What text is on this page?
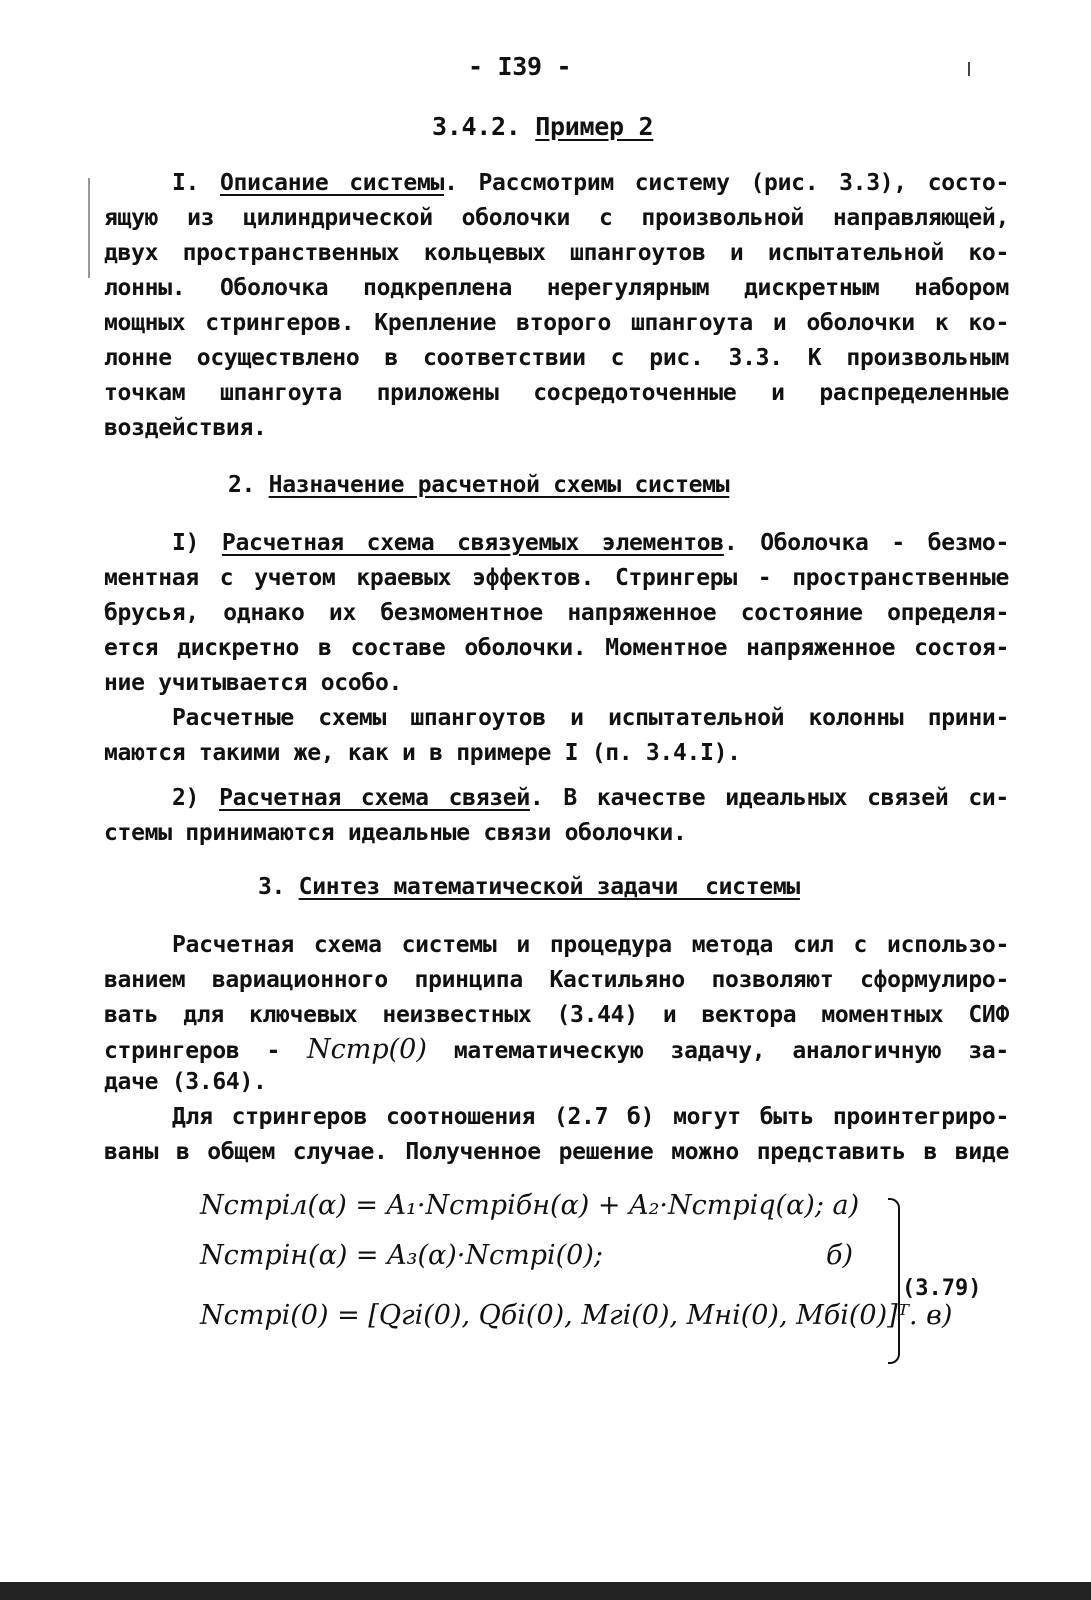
- I39 -
3.4.2. Пример 2
I. Описание системы. Рассмотрим систему (рис. 3.3), состо-
ящую из цилиндрической оболочки с произвольной направляющей,
двух пространственных кольцевых шпангоутов и испытательной ко-
лонны. Оболочка подкреплена нерегулярным дискретным набором
мощных стрингеров. Крепление второго шпангоута и оболочки к ко-
лонне осуществлено в соответствии с рис. 3.3. К произвольным
точкам шпангоута приложены сосредоточенные и распределенные
воздействия.
2. Назначение расчетной схемы системы
I) Расчетная схема связуемых элементов. Оболочка - безмо-
ментная с учетом краевых эффектов. Стрингеры - пространственные
брусья, однако их безмоментное напряженное состояние определя-
ется дискретно в составе оболочки. Моментное напряженное состоя-
ние учитывается особо.
Расчетные схемы шпангоутов и испытательной колонны прини-
маются такими же, как и в примере I (п. 3.4.I).
2) Расчетная схема связей. В качестве идеальных связей си-
стемы принимаются идеальные связи оболочки.
3. Синтез математической задачи  системы
Расчетная схема системы и процедура метода сил с использо-
ванием вариационного принципа Кастильяно позволяют сформулиро-
вать для ключевых неизвестных (3.44) и вектора моментных СИФ
стрингеров - Nстр(0) математическую задачу, аналогичную за-
даче (3.64).
Для стрингеров соотношения (2.7 б) могут быть проинтегриро-
ваны в общем случае. Полученное решение можно представить в виде
Nстрiл(α) = A₁·Nстрiбн(α) + A₂·Nстрiq(α); а)
Nстрiн(α) = A₃(α)·Nстрi(0);	б)
Nстрi(0) = [Qгi(0), Qбi(0), Mгi(0), Mнi(0), Mбi(0)]ᵀ. в)
(3.79)
